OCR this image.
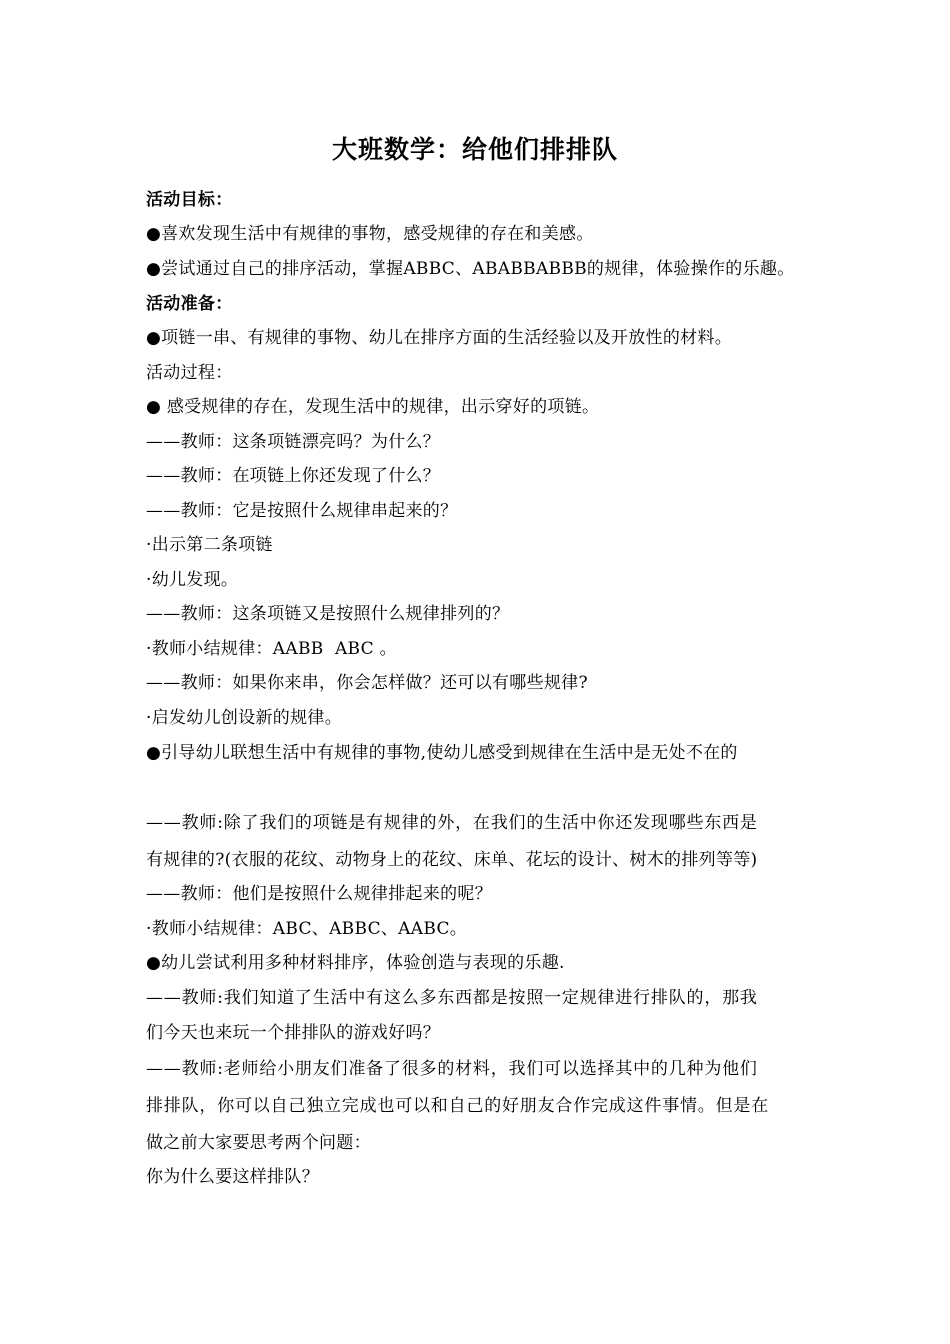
大班数学：给他们排排队
活动目标：
●喜欢发现生活中有规律的事物，感受规律的存在和美感。
●尝试通过自己的排序活动，掌握ABBC、ABABBABBB的规律，体验操作的乐趣。
活动准备：
●项链一串、有规律的事物、幼儿在排序方面的生活经验以及开放性的材料。
活动过程：
● 感受规律的存在，发现生活中的规律，出示穿好的项链。
——教师：这条项链漂亮吗？为什么？
——教师：在项链上你还发现了什么？
——教师：它是按照什么规律串起来的？
·出示第二条项链
·幼儿发现。
——教师：这条项链又是按照什么规律排列的？
·教师小结规律：AABB  ABC 。
——教师：如果你来串，你会怎样做？还可以有哪些规律?
·启发幼儿创设新的规律。
●引导幼儿联想生活中有规律的事物,使幼儿感受到规律在生活中是无处不在的
——教师:除了我们的项链是有规律的外，在我们的生活中你还发现哪些东西是
有规律的?(衣服的花纹、动物身上的花纹、床单、花坛的设计、树木的排列等等)
——教师：他们是按照什么规律排起来的呢？
·教师小结规律：ABC、ABBC、AABC。
●幼儿尝试利用多种材料排序，体验创造与表现的乐趣.
——教师:我们知道了生活中有这么多东西都是按照一定规律进行排队的，那我
们今天也来玩一个排排队的游戏好吗？
——教师:老师给小朋友们准备了很多的材料，我们可以选择其中的几种为他们
排排队，你可以自己独立完成也可以和自己的好朋友合作完成这件事情。但是在
做之前大家要思考两个问题：
你为什么要这样排队？
